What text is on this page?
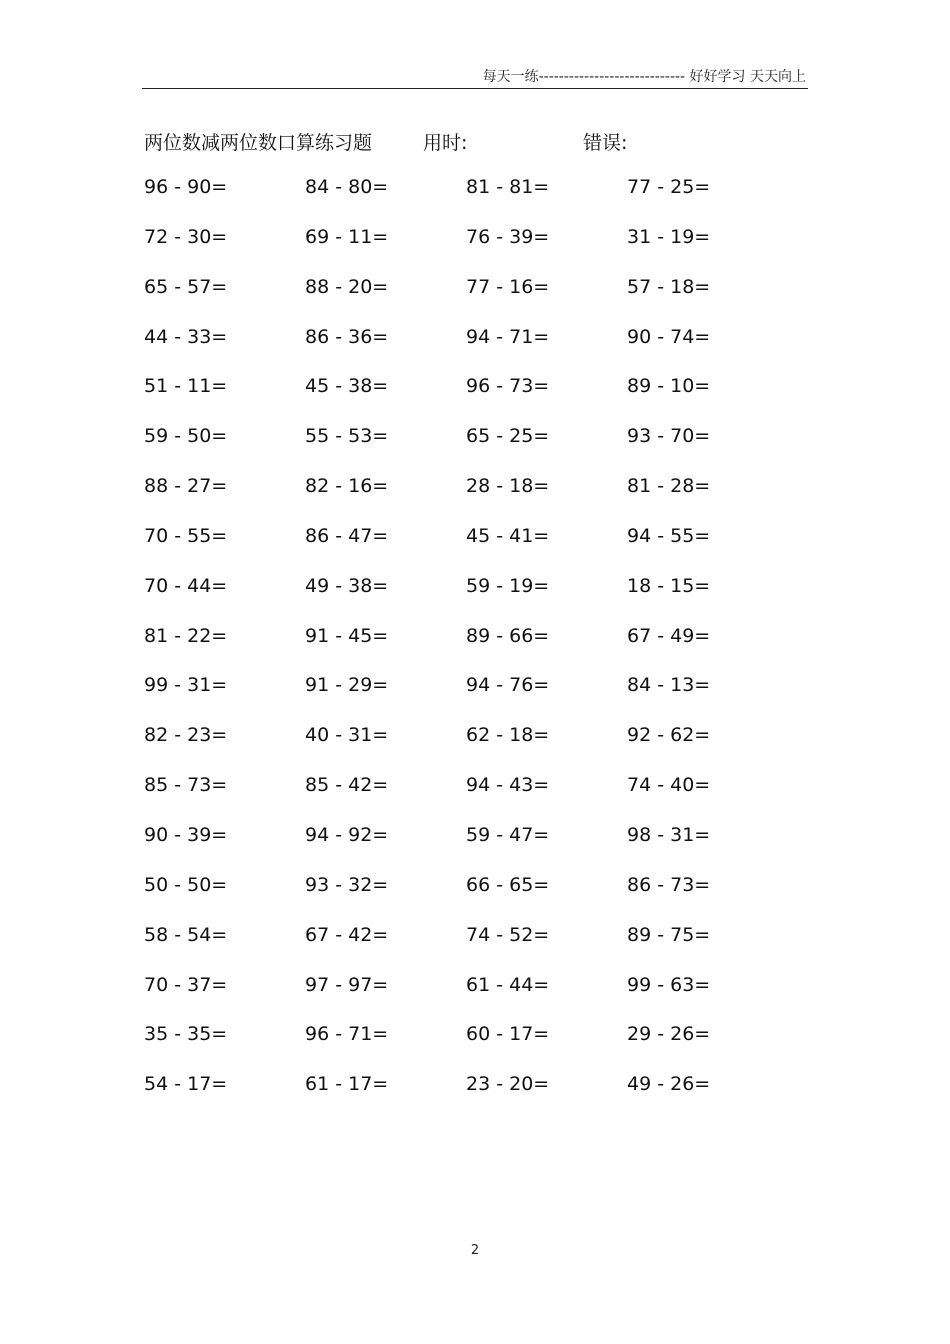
每天一练----------------------------- 好好学习 天天向上
两位数减两位数口算练习题	用时:	错误:
96 - 90=	84 - 80=	81 - 81=	77 - 25=
72 - 30=	69 - 11=	76 - 39=	31 - 19=
65 - 57=	88 - 20=	77 - 16=	57 - 18=
44 - 33=	86 - 36=	94 - 71=	90 - 74=
51 - 11=	45 - 38=	96 - 73=	89 - 10=
59 - 50=	55 - 53=	65 - 25=	93 - 70=
88 - 27=	82 - 16=	28 - 18=	81 - 28=
70 - 55=	86 - 47=	45 - 41=	94 - 55=
70 - 44=	49 - 38=	59 - 19=	18 - 15=
81 - 22=	91 - 45=	89 - 66=	67 - 49=
99 - 31=	91 - 29=	94 - 76=	84 - 13=
82 - 23=	40 - 31=	62 - 18=	92 - 62=
85 - 73=	85 - 42=	94 - 43=	74 - 40=
90 - 39=	94 - 92=	59 - 47=	98 - 31=
50 - 50=	93 - 32=	66 - 65=	86 - 73=
58 - 54=	67 - 42=	74 - 52=	89 - 75=
70 - 37=	97 - 97=	61 - 44=	99 - 63=
35 - 35=	96 - 71=	60 - 17=	29 - 26=
54 - 17=	61 - 17=	23 - 20=	49 - 26=
2
